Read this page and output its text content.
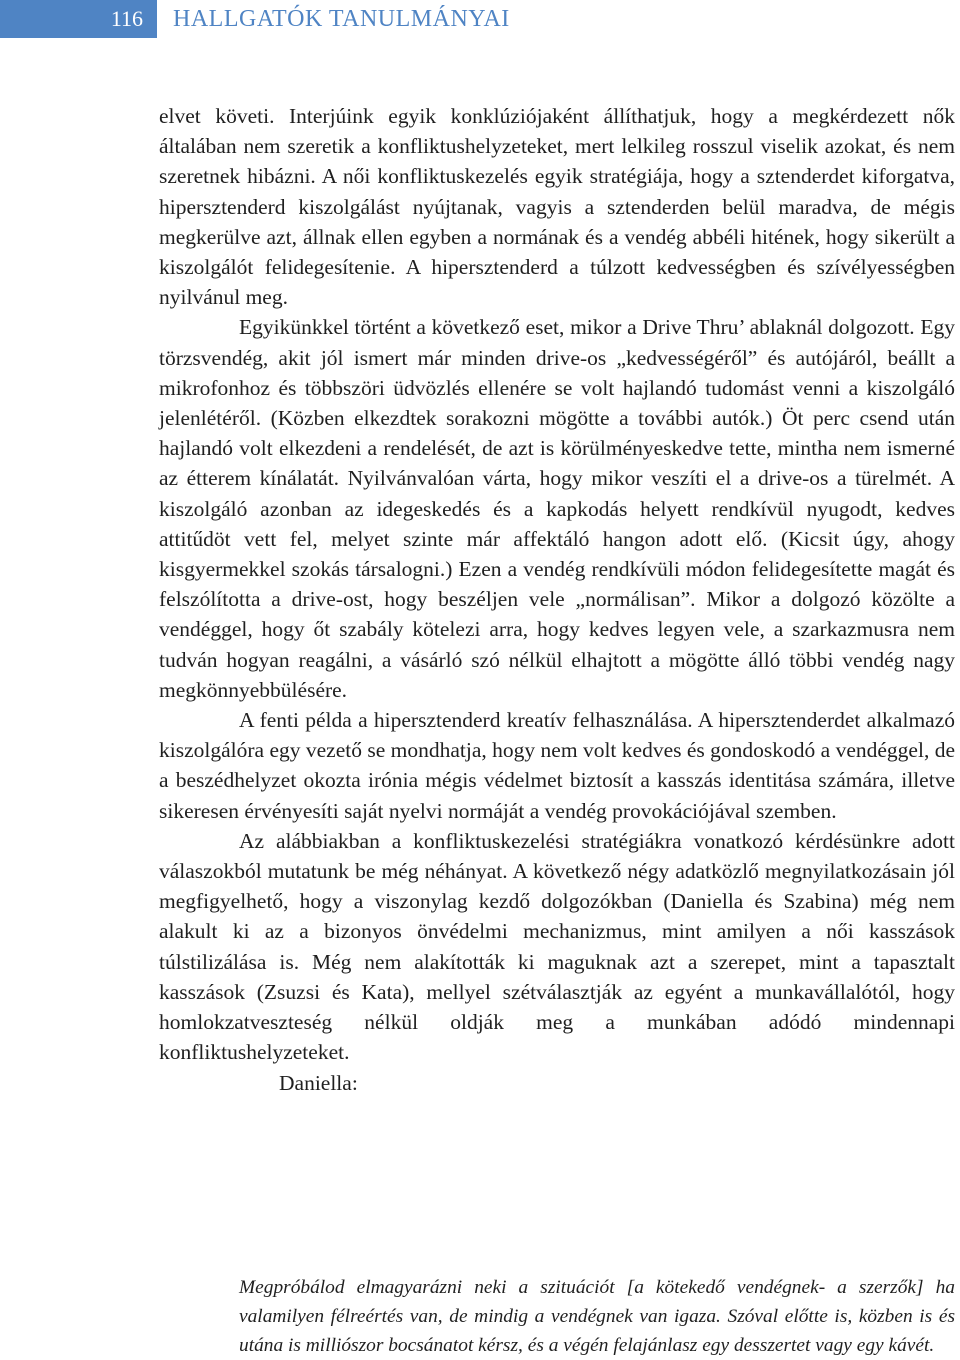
116	HALLGATÓK TANULMÁNYAI

elvet követi. Interjúink egyik konklúziójaként állíthatjuk, hogy a megkérdezett nők általában nem szeretik a konfliktushelyzeteket, mert lelkileg rosszul viselik azokat, és nem szeretnek hibázni. A női konfliktuskezelés egyik stratégiája, hogy a sztenderdet kiforgatva, hipersztenderd kiszolgálást nyújtanak, vagyis a sztenderden belül maradva, de mégis megkerülve azt, állnak ellen egyben a normának és a vendég abbéli hitének, hogy sikerült a kiszolgálót felidegesítenie. A hipersztenderd a túlzott kedvességben és szívélyességben nyilvánul meg.

Egyikünkkel történt a következő eset, mikor a Drive Thru’ ablaknál dolgozott. Egy törzsvendég, akit jól ismert már minden drive-os „kedvességéről” és autójáról, beállt a mikrofonhoz és többszöri üdvözlés ellenére se volt hajlandó tudomást venni a kiszolgáló jelenlétéről. (Közben elkezdtek sorakozni mögötte a további autók.) Öt perc csend után hajlandó volt elkezdeni a rendelését, de azt is körülményeskedve tette, mintha nem ismerné az étterem kínálatát. Nyilvánvalóan várta, hogy mikor veszíti el a drive-os a türelmét. A kiszolgáló azonban az idegeskedés és a kapkodás helyett rendkívül nyugodt, kedves attitűdöt vett fel, melyet szinte már affektáló hangon adott elő. (Kicsit úgy, ahogy kisgyermekkel szokás társalogni.) Ezen a vendég rendkívüli módon felidegesítette magát és felszólította a drive-ost, hogy beszéljen vele „normálisan”. Mikor a dolgozó közölte a vendéggel, hogy őt szabály kötelezi arra, hogy kedves legyen vele, a szarkazmusra nem tudván hogyan reagálni, a vásárló szó nélkül elhajtott a mögötte álló többi vendég nagy megkönnyebbülésére.

A fenti példa a hipersztenderd kreatív felhasználása. A hipersztenderdet alkalmazó kiszolgálóra egy vezető se mondhatja, hogy nem volt kedves és gondoskodó a vendéggel, de a beszédhelyzet okozta irónia mégis védelmet biztosít a kasszás identitása számára, illetve sikeresen érvényesíti saját nyelvi normáját a vendég provokációjával szemben.

Az alábbiakban a konfliktuskezelési stratégiákra vonatkozó kérdésünkre adott válaszokból mutatunk be még néhányat. A következő négy adatközlő megnyilatkozásain jól megfigyelhető, hogy a viszonylag kezdő dolgozókban (Daniella és Szabina) még nem alakult ki az a bizonyos önvédelmi mechanizmus, mint amilyen a női kasszások túlstilizálása is. Még nem alakították ki maguknak azt a szerepet, mint a tapasztalt kasszások (Zsuzsi és Kata), mellyel szétválasztják az egyént a munkavállalótól, hogy homlokzatveszteség nélkül oldják meg a munkában adódó mindennapi konfliktushelyzeteket.

Daniella:

Megpróbálod elmagyarázni neki a szituációt [a kötekedő vendégnek- a szerzők] ha valamilyen félreértés van, de mindig a vendégnek van igaza. Szóval előtte is, közben is és utána is milliószor bocsánatot kérsz, és a végén felajánlasz egy desszertet vagy egy kávét.
